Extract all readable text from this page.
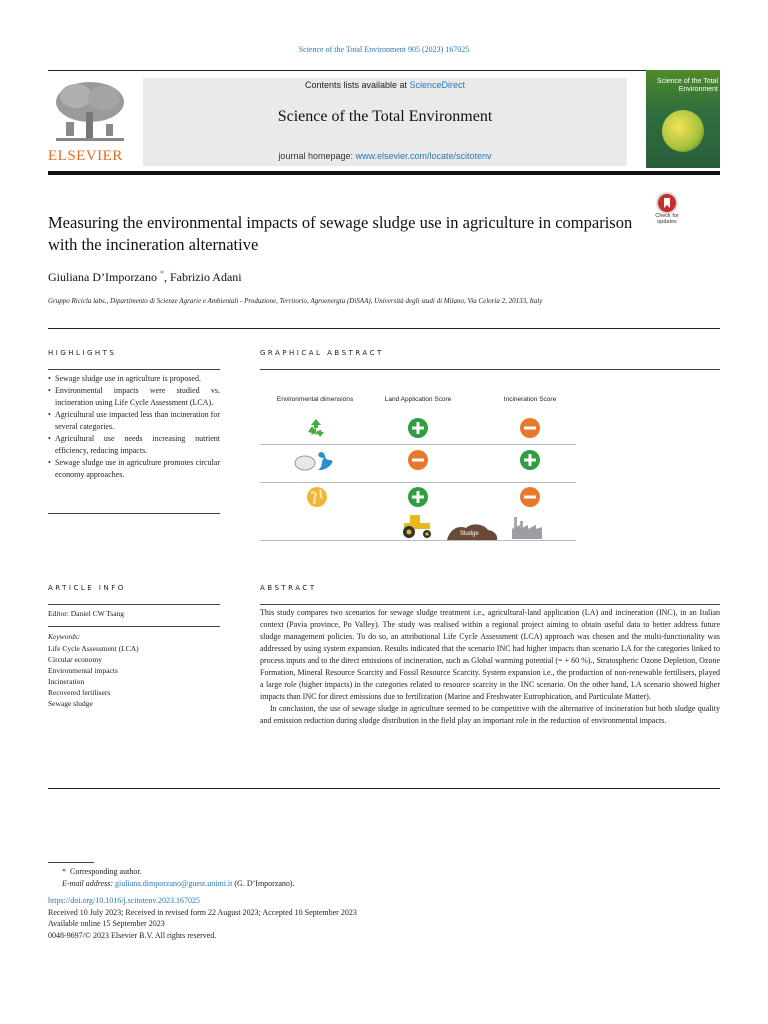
Science of the Total Environment 905 (2023) 167025
ELSEVIER
Contents lists available at ScienceDirect
Science of the Total Environment
journal homepage: www.elsevier.com/locate/scitotenv
Science of the Total Environment
Measuring the environmental impacts of sewage sludge use in agriculture in comparison with the incineration alternative
Check for
updates
Giuliana D’Imporzano *, Fabrizio Adani
Gruppo Ricicla labs., Dipartimento di Scienze Agrarie e Ambientali - Produzione, Territorio, Agroenergia (DiSAA), Università degli studi di Milano, Via Celoria 2, 20133, Italy
HIGHLIGHTS
• Sewage sludge use in agriculture is proposed.
• Environmental impacts were studied vs. incineration using Life Cycle Assessment (LCA).
• Agricultural use impacted less than incineration for several categories.
• Agricultural use needs increasing nutrient efficiency, reducing impacts.
• Sewage sludge use in agriculture promotes circular economy approaches.
GRAPHICAL ABSTRACT
Environmental dimensions	Land Application Score	Incineration Score
Sludge
ARTICLE INFO
Editor: Daniel CW Tsang
Keywords:
Life Cycle Assessment (LCA)
Circular economy
Environmental impacts
Incineration
Recovered fertilisers
Sewage sludge
ABSTRACT

This study compares two scenarios for sewage sludge treatment i.e., agricultural-land application (LA) and incineration (INC), in an Italian context (Pavia province, Po Valley). The study was realised within a regional project aiming to obtain useful data to better address future sludge management policies. To do so, an attributional Life Cycle Assessment (LCA) approach was chosen and the multi-functionality was addressed by using system expansion. Results indicated that the scenario INC had higher impacts than scenario LA for the categories linked to process inputs and to the direct emissions of incineration, such as Global warming potential (= + 60 %)., Stratospheric Ozone Depletion, Ozone Formation, Mineral Resource Scarcity and Fossil Resource Scarcity. System expansion i.e., the production of non-renewable fertilisers, played a large role (higher impacts) in the categories related to resource scarcity in the INC scenario. On the other hand, LA scenario showed higher impacts than INC for direct emissions due to fertilization (Marine and Freshwater Eutrophication, and Particulate Matter).

In conclusion, the use of sewage sludge in agriculture seemed to be competitive with the alternative of incineration but both sludge quality and emission reduction during sludge distribution in the field play an important role in the reduction of environmental impacts.

* Corresponding author.
E-mail address: giuliana.dimporzano@guest.unimi.it (G. D’Imporzano).
https://doi.org/10.1016/j.scitotenv.2023.167025
Received 10 July 2023; Received in revised form 22 August 2023; Accepted 10 September 2023
Available online 15 September 2023
0048-9697/© 2023 Elsevier B.V. All rights reserved.
